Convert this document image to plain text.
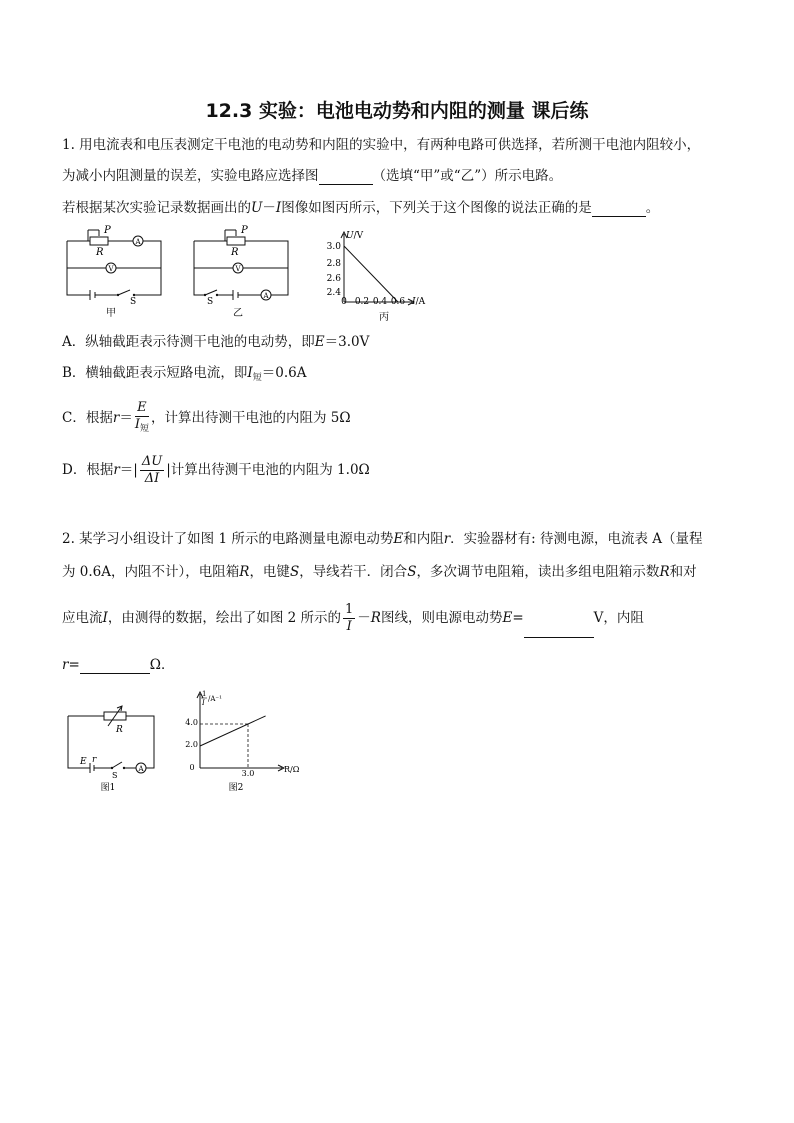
12.3 实验：电池电动势和内阻的测量 课后练
1. 用电流表和电压表测定干电池的电动势和内阻的实验中，有两种电路可供选择，若所测干电池内阻较小，
为减小内阻测量的误差，实验电路应选择图	（选填“甲”或“乙”）所示电路。
若根据某次实验记录数据画出的U－I图像如图丙所示，下列关于这个图像的说法正确的是	。
P
R
A
V
S
甲
P
R
V
A
S
乙
U/V
3.0
2.8
2.6
2.4
0 0.2 0.4 0.6 I/A
丙
A．纵轴截距表示待测干电池的电动势，即E＝3.0V
B．横轴截距表示短路电流，即$I_短=0.6A$
C．根据$r= \frac{E}{I_短}$ ，计算出待测干电池的内阻为 5Ω
D．根据$r=| \frac{\Delta U}{\Delta I}$ |计算出待测干电池的内阻为 1.0Ω
2. 某学习小组设计了如图 1 所示的电路测量电源电动势E和内阻r．实验器材有: 待测电源，电流表 A（量程
为 0.6A，内阻不计），电阻箱R，电键S，导线若干．闭合S，多次调节电阻箱，读出多组电阻箱示数R和对
应电流I，由测得的数据，绘出了如图 2 所示的 $\frac{1}{I} -R$图线，则电源电动势E=	V，内阻
r=	Ω．
R
E r
S
A
图1
1
I /A⁻¹
4.0
2.0
0
3.0	R/Ω
图2
